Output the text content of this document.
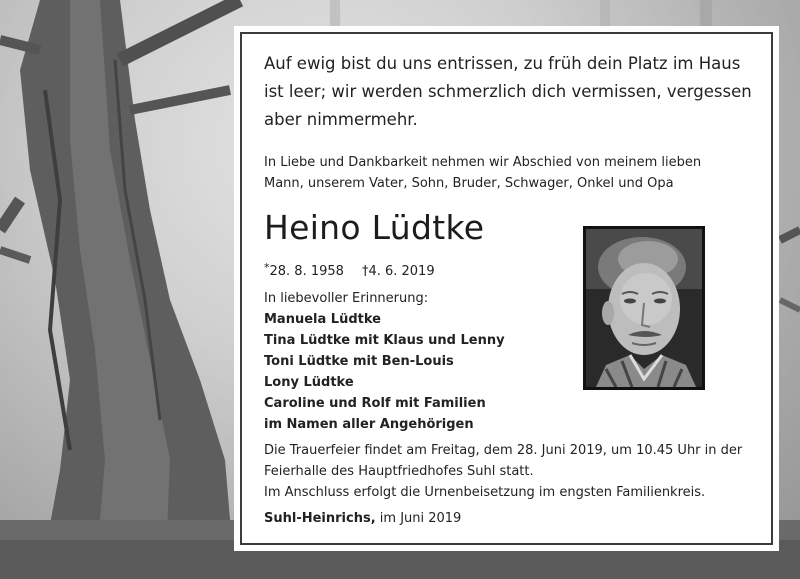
Auf ewig bist du uns entrissen, zu früh dein Platz im Haus
ist leer; wir werden schmerzlich dich vermissen, vergessen
aber nimmermehr.
In Liebe und Dankbarkeit nehmen wir Abschied von meinem lieben
Mann, unserem Vater, Sohn, Bruder, Schwager, Onkel und Opa
Heino Lüdtke
*28. 8. 1958 †4. 6. 2019
In liebevoller Erinnerung:
Manuela Lüdtke
Tina Lüdtke mit Klaus und Lenny
Toni Lüdtke mit Ben-Louis
Lony Lüdtke
Caroline und Rolf mit Familien
im Namen aller Angehörigen
Die Trauerfeier findet am Freitag, dem 28. Juni 2019, um 10.45 Uhr in der
Feierhalle des Hauptfriedhofes Suhl statt.
Im Anschluss erfolgt die Urnenbeisetzung im engsten Familienkreis.
Suhl-Heinrichs, im Juni 2019
